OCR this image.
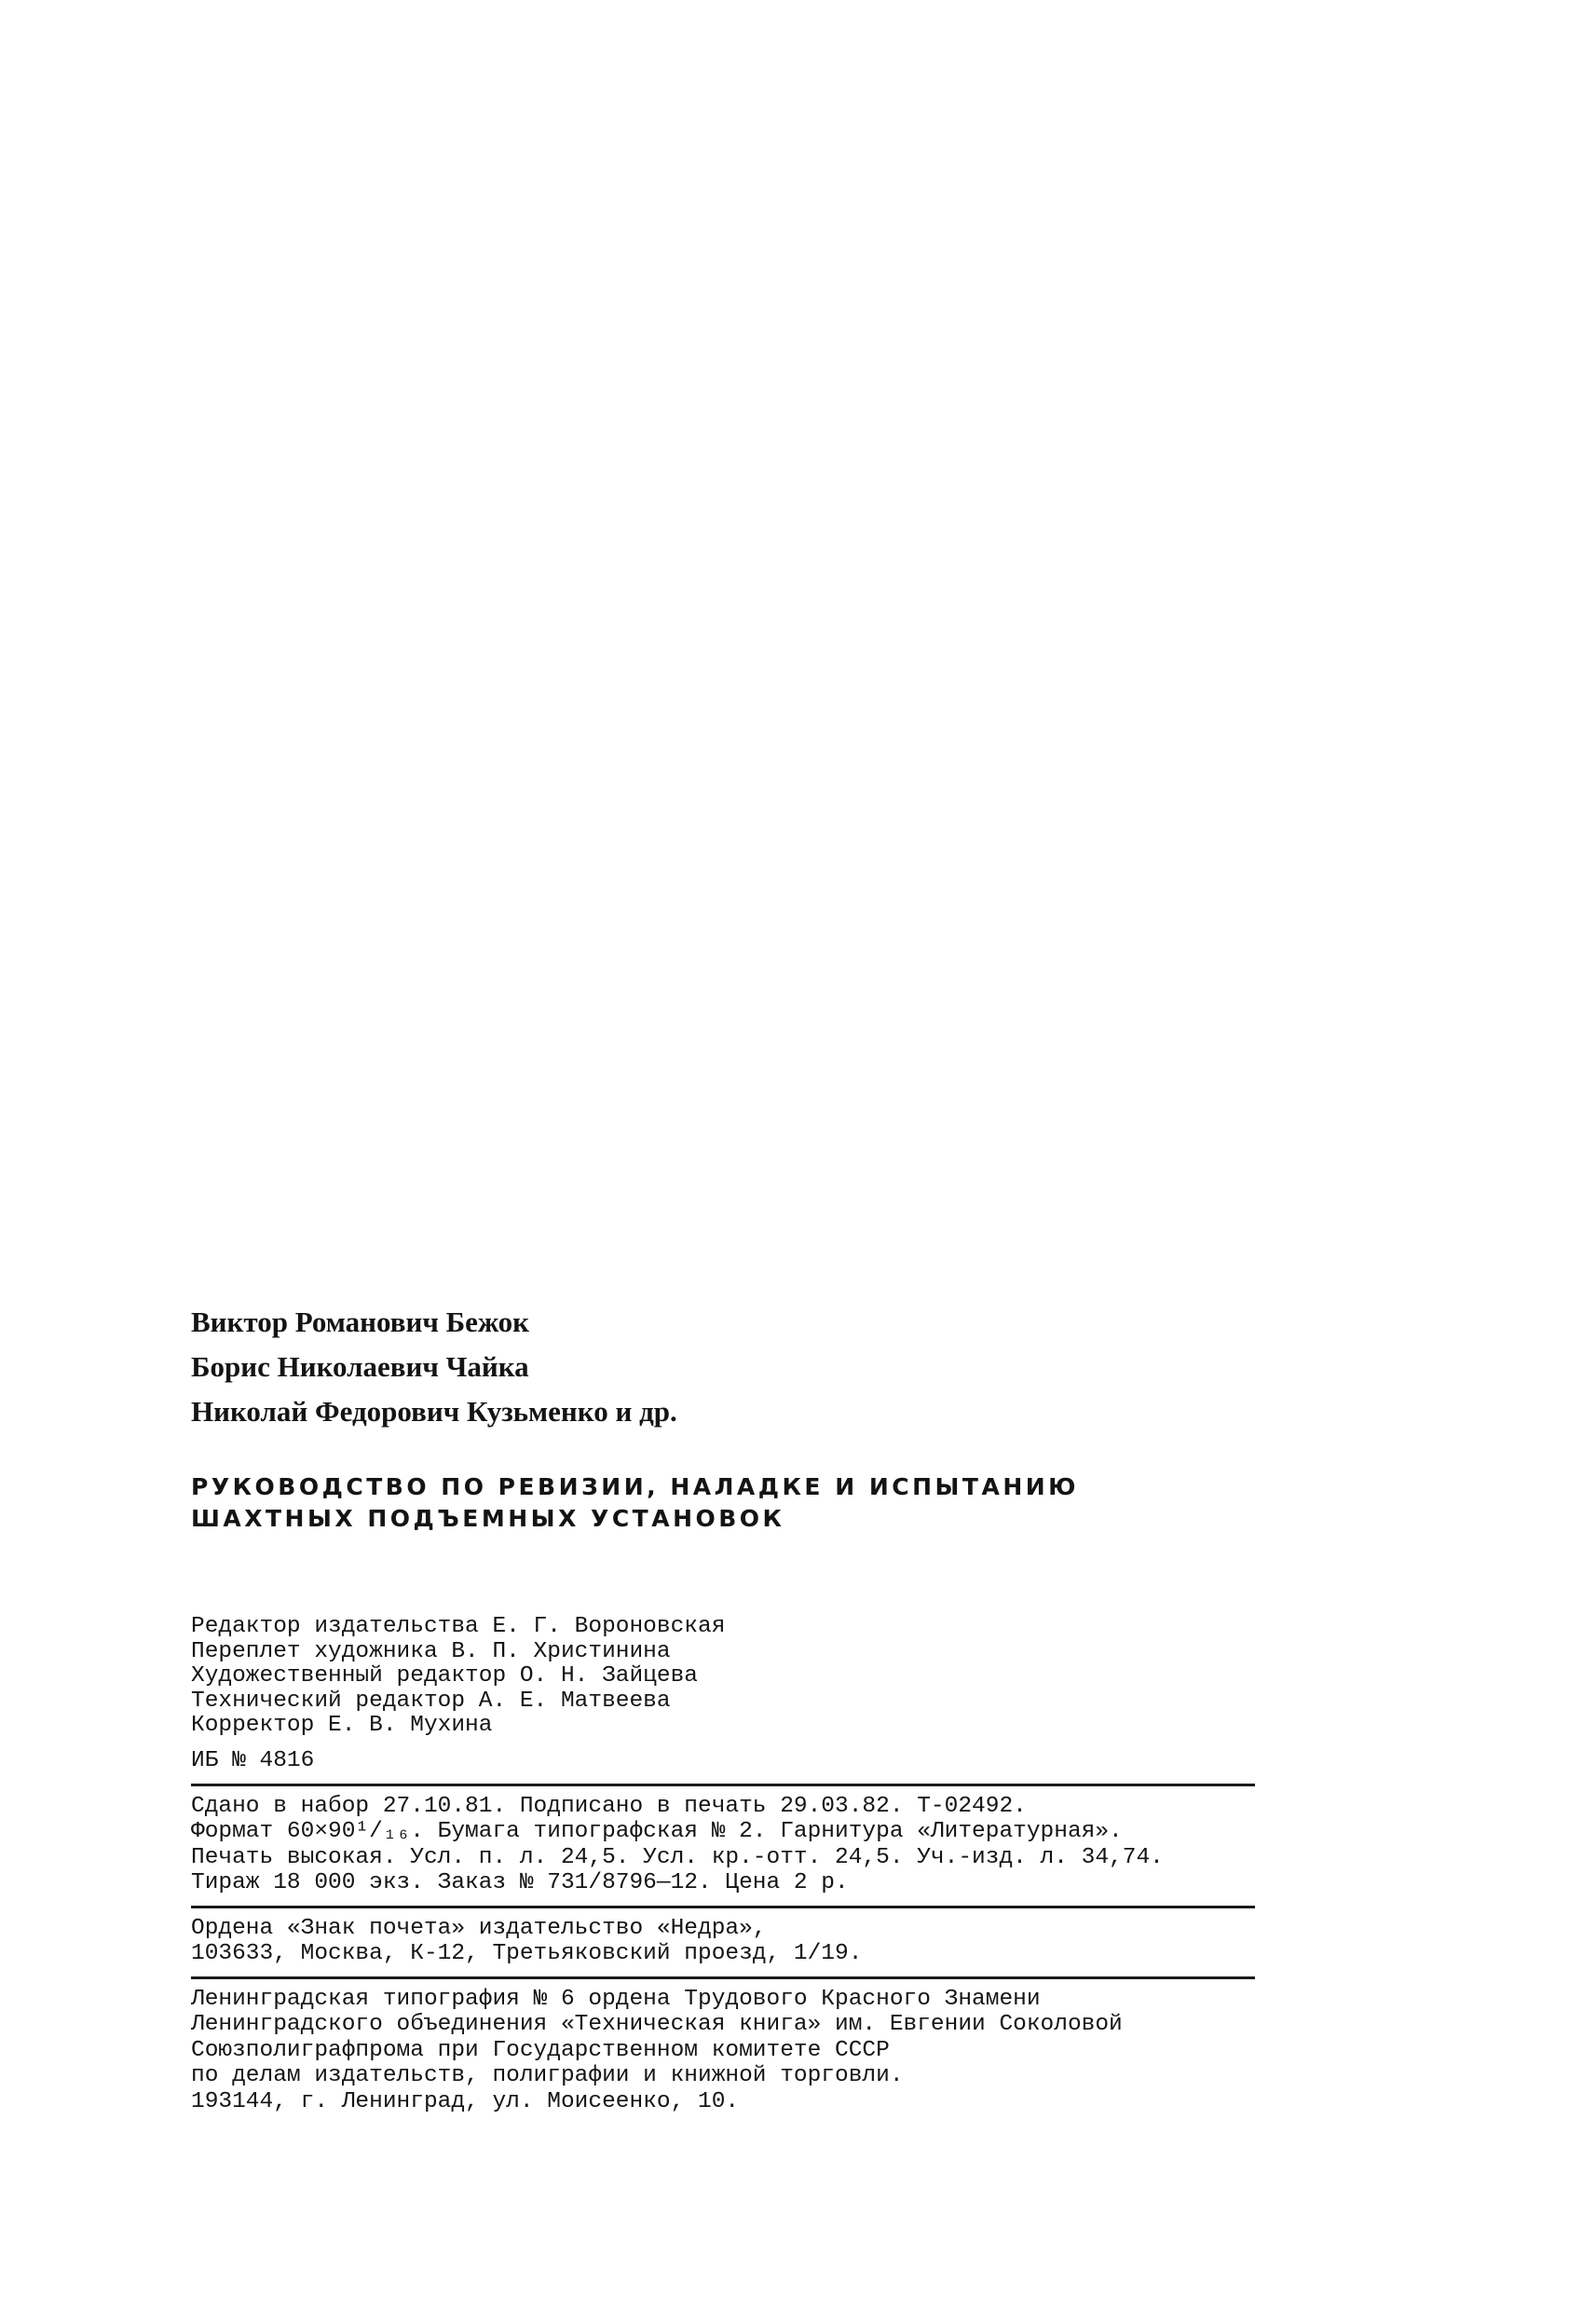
Виктор Романович Бежок
Борис Николаевич Чайка
Николай Федорович Кузьменко и др.
РУКОВОДСТВО ПО РЕВИЗИИ, НАЛАДКЕ И ИСПЫТАНИЮ
ШАХТНЫХ ПОДЪЕМНЫХ УСТАНОВОК
Редактор издательства Е. Г. Вороновская
Переплет художника В. П. Христинина
Художественный редактор О. Н. Зайцева
Технический редактор А. Е. Матвеева
Корректор Е. В. Мухина
ИБ № 4816
Сдано в набор 27.10.81. Подписано в печать 29.03.82. Т-02492.
Формат 60×90¹/₁₆. Бумага типографская № 2. Гарнитура «Литературная».
Печать высокая. Усл. п. л. 24,5. Усл. кр.-отт. 24,5. Уч.-изд. л. 34,74.
Тираж 18 000 экз. Заказ № 731/8796—12. Цена 2 р.
Ордена «Знак почета» издательство «Недра»,
103633, Москва, К-12, Третьяковский проезд, 1/19.
Ленинградская типография № 6 ордена Трудового Красного Знамени
Ленинградского объединения «Техническая книга» им. Евгении Соколовой
Союзполиграфпрома при Государственном комитете СССР
по делам издательств, полиграфии и книжной торговли.
193144, г. Ленинград, ул. Моисеенко, 10.
